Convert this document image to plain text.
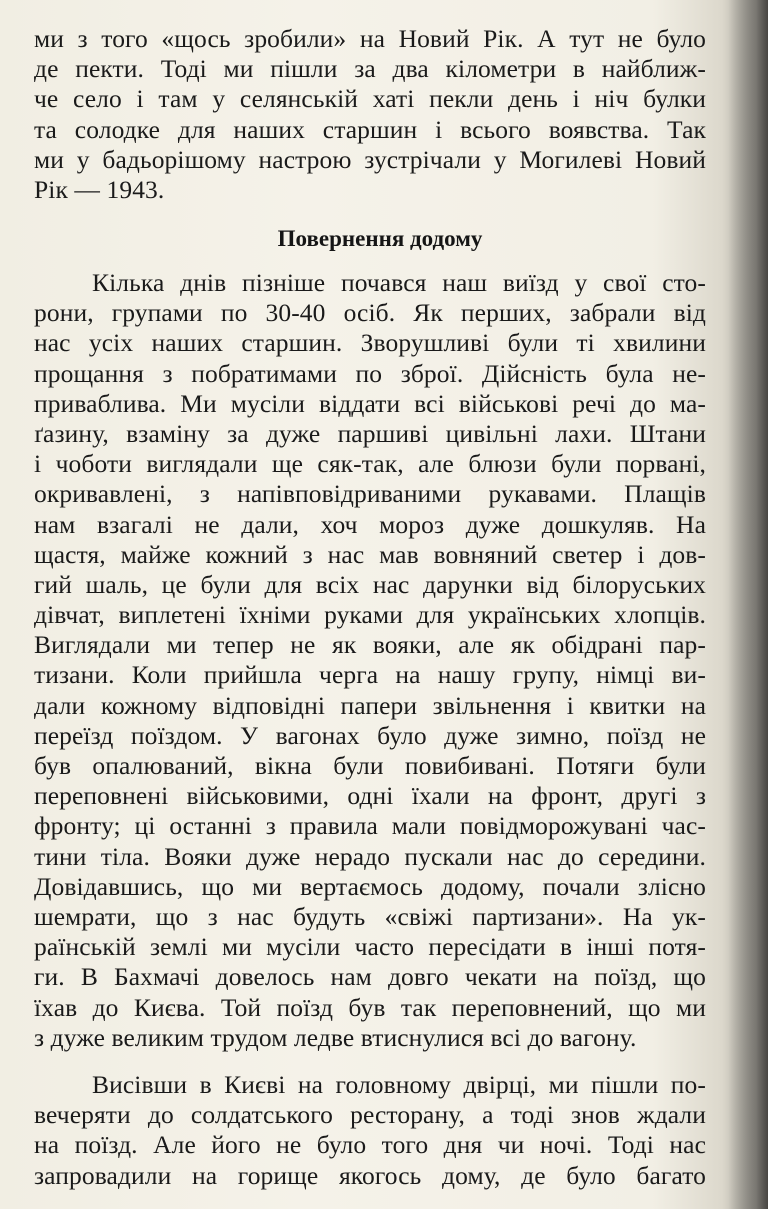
ми з того «щось зробили» на Новий Рік. А тут не було
де пекти. Тоді ми пішли за два кілометри в найближ-
че село і там у селянській хаті пекли день і ніч булки
та солодке для наших старшин і всього воявства. Так
ми у бадьорішому настрою зустрічали у Могилеві Новий
Рік — 1943.
Повернення додому
Кілька днів пізніше почався наш виїзд у свої сто-
рони, групами по 30-40 осіб. Як перших, забрали від
нас усіх наших старшин. Зворушливі були ті хвилини
прощання з побратимами по зброї. Дійсність була не-
приваблива. Ми мусіли віддати всі військові речі до ма-
ґазину, взаміну за дуже паршиві цивільні лахи. Штани
і чоботи виглядали ще сяк-так, але блюзи були порвані,
окривавлені, з напівповідриваними рукавами. Плащів
нам взагалі не дали, хоч мороз дуже дошкуляв. На
щастя, майже кожний з нас мав вовняний светер і дов-
гий шаль, це були для всіх нас дарунки від білоруських
дівчат, виплетені їхніми руками для українських хлопців.
Виглядали ми тепер не як вояки, але як обідрані пар-
тизани. Коли прийшла черга на нашу групу, німці ви-
дали кожному відповідні папери звільнення і квитки на
переїзд поїздом. У вагонах було дуже зимно, поїзд не
був опалюваний, вікна були повибивані. Потяги були
переповнені військовими, одні їхали на фронт, другі з
фронту; ці останні з правила мали повідморожувані час-
тини тіла. Вояки дуже нерадо пускали нас до середини.
Довідавшись, що ми вертаємось додому, почали злісно
шемрати, що з нас будуть «свіжі партизани». На ук-
раїнській землі ми мусіли часто пересідати в інші потя-
ги. В Бахмачі довелось нам довго чекати на поїзд, що
їхав до Києва. Той поїзд був так переповнений, що ми
з дуже великим трудом ледве втиснулися всі до вагону.
Висівши в Києві на головному двірці, ми пішли по-
вечеряти до солдатського ресторану, а тоді знов ждали
на поїзд. Але його не було того дня чи ночі. Тоді нас
запровадили на горище якогось дому, де було багато
